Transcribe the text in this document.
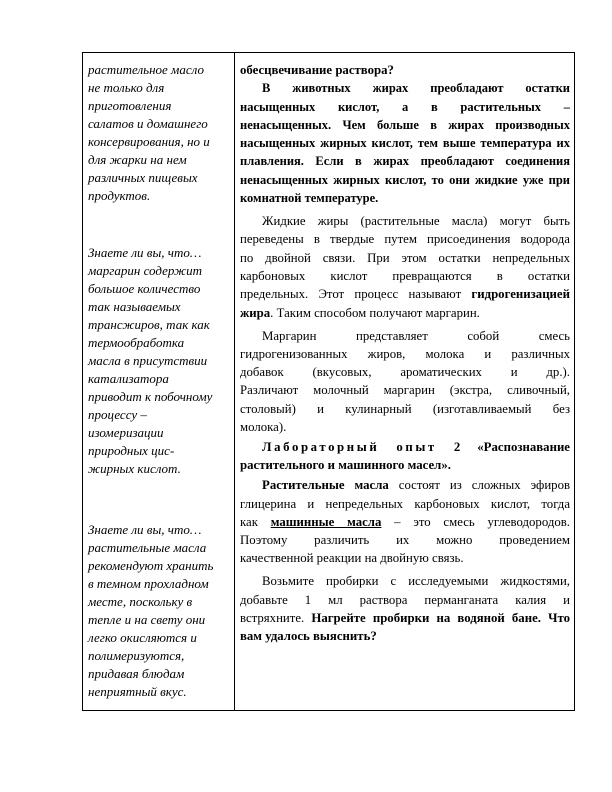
растительное масло
не только для
приготовления
салатов и домашнего
консервирования, но и
для жарки на нем
различных пищевых
продуктов.
Знаете ли вы, что…
маргарин содержит
большое количество
так называемых
трансжиров, так как
термообработка
масла в присутствии
катализатора
приводит к побочному
процессу –
изомеризации
природных цис-
жирных кислот.
Знаете ли вы, что…
растительные масла
рекомендуют хранить
в темном прохладном
месте, поскольку в
тепле и на свету они
легко окисляются и
полимеризуются,
придавая блюдам
неприятный вкус.
обесцвечивание раствора?
В животных жирах преобладают остатки
насыщенных кислот, а в растительных –
ненасыщенных. Чем больше в жирах производных
насыщенных жирных кислот, тем выше температура их
плавления. Если в жирах преобладают соединения
ненасыщенных жирных кислот, то они жидкие уже при
комнатной температуре.
Жидкие жиры (растительные масла) могут быть
переведены в твердые путем присоединения водорода
по двойной связи. При этом остатки непредельных
карбоновых кислот превращаются в остатки
предельных. Этот процесс называют гидрогенизацией
жира. Таким способом получают маргарин.
Маргарин представляет собой смесь
гидрогенизованных жиров, молока и различных
добавок (вкусовых, ароматических и др.).
Различают молочный маргарин (экстра, сливочный,
столовый) и кулинарный (изготавливаемый без
молока).
Лабораторный опыт 2 «Распознавание
растительного и машинного масел».
Растительные масла состоят из сложных эфиров
глицерина и непредельных карбоновых кислот, тогда
как машинные масла – это смесь углеводородов.
Поэтому различить их можно проведением
качественной реакции на двойную связь.
Возьмите пробирки с исследуемыми жидкостями,
добавьте 1 мл раствора перманганата калия и
встряхните. Нагрейте пробирки на водяной бане. Что
вам удалось выяснить?
